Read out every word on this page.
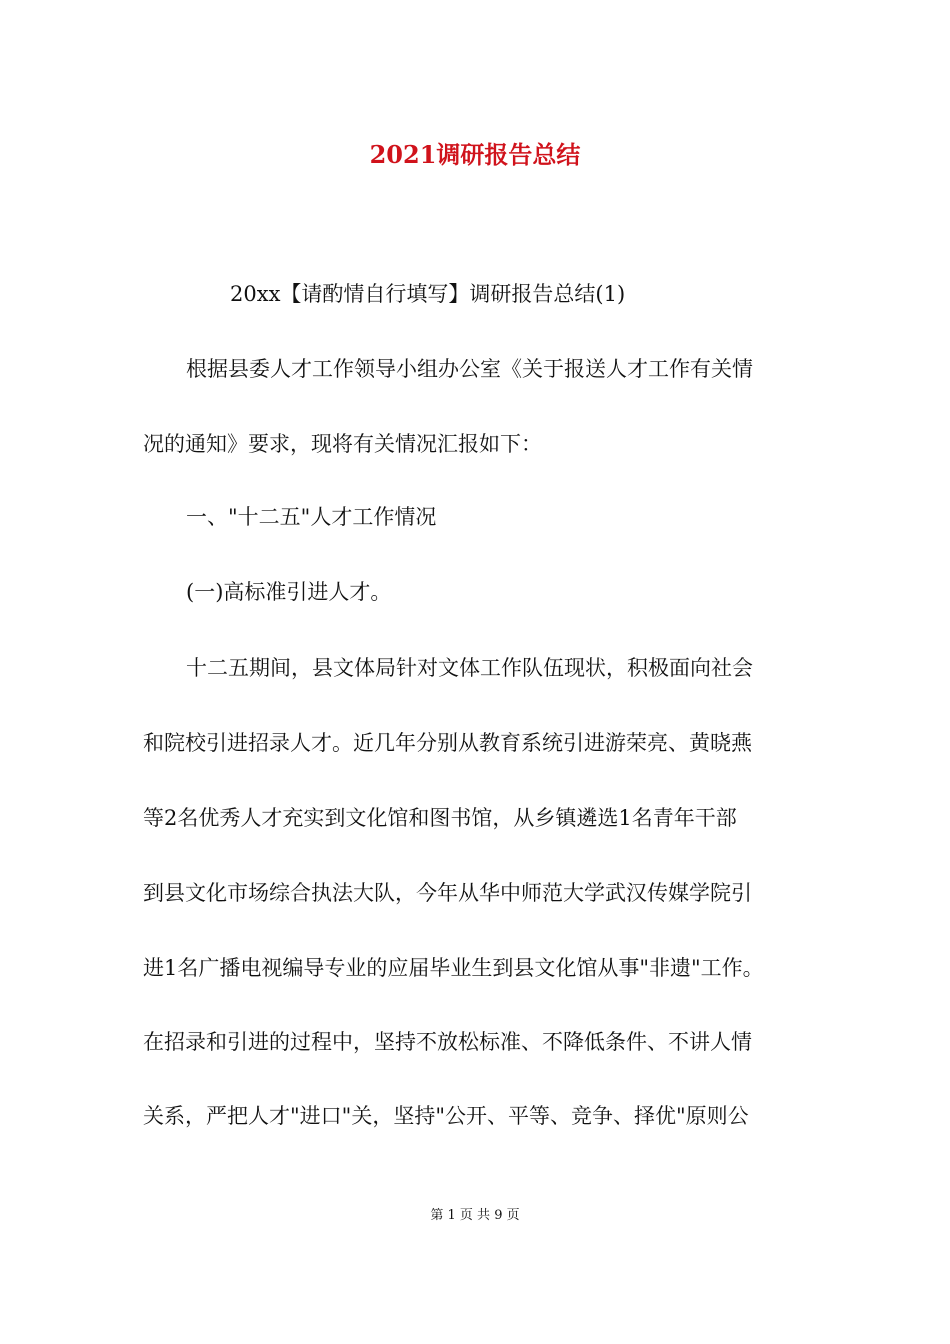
2021调研报告总结
20xx【请酌情自行填写】调研报告总结(1)
根据县委人才工作领导小组办公室《关于报送人才工作有关情
况的通知》要求，现将有关情况汇报如下：
一、"十二五"人才工作情况
(一)高标准引进人才。
十二五期间，县文体局针对文体工作队伍现状，积极面向社会
和院校引进招录人才。近几年分别从教育系统引进游荣亮、黄晓燕
等2名优秀人才充实到文化馆和图书馆，从乡镇遴选1名青年干部
到县文化市场综合执法大队，今年从华中师范大学武汉传媒学院引
进1名广播电视编导专业的应届毕业生到县文化馆从事"非遗"工作。
在招录和引进的过程中，坚持不放松标准、不降低条件、不讲人情
关系，严把人才"进口"关，坚持"公开、平等、竞争、择优"原则公
第 1 页 共 9 页
